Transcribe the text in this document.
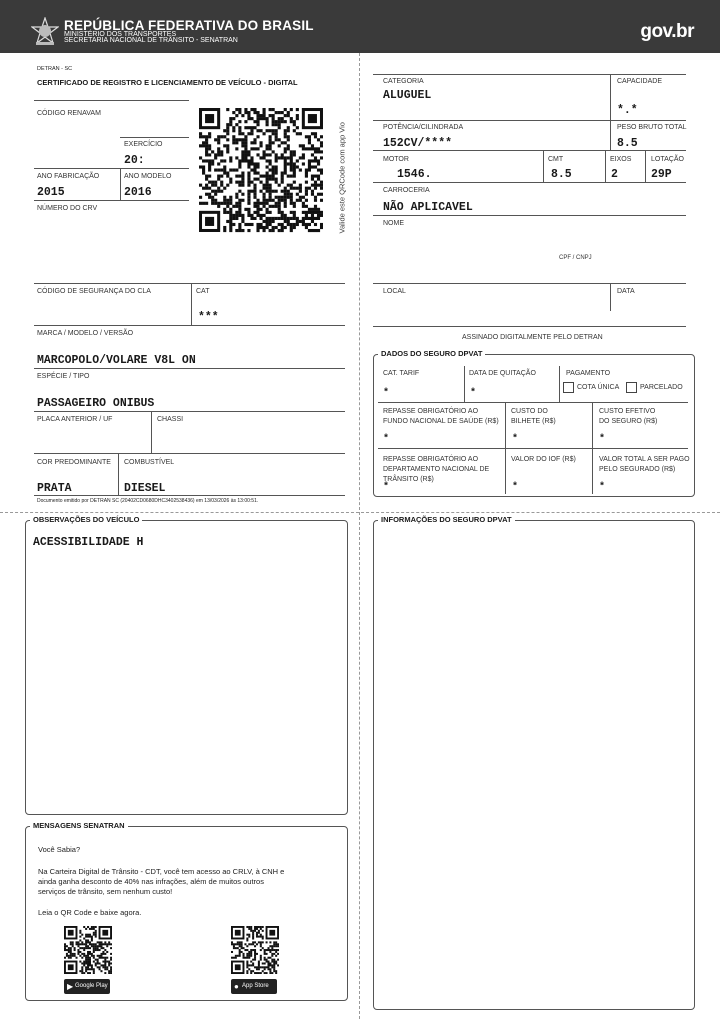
REPÚBLICA FEDERATIVA DO BRASIL
MINISTÉRIO DOS TRANSPORTES
SECRETARIA NACIONAL DE TRÂNSITO - SENATRAN	gov.br
DETRAN - SC
CERTIFICADO DE REGISTRO E LICENCIAMENTO DE VEÍCULO - DIGITAL
CÓDIGO RENAVAM
EXERCÍCIO
20:
ANO FABRICAÇÃO
2015
ANO MODELO
2016
NÚMERO DO CRV	Valide este QRCode com app Vio
CÓDIGO DE SEGURANÇA DO CLA	CAT
***
MARCA / MODELO / VERSÃO
MARCOPOLO/VOLARE V8L ON
ESPÉCIE / TIPO
PASSAGEIRO ONIBUS
PLACA ANTERIOR / UF	CHASSI
COR PREDOMINANTE
PRATA
COMBUSTÍVEL
DIESEL
Documento emitido por DETRAN SC (20402CD0680DHC3402538436) em 13/03/2026 às 13:00:51.
CATEGORIA
ALUGUEL
CAPACIDADE
*.*
POTÊNCIA/CILINDRADA
152CV/****
PESO BRUTO TOTAL
8.5
MOTOR
1546.
CMT
8.5
EIXOS
2
LOTAÇÃO
29P
CARROCERIA
NÃO APLICAVEL
NOME
CPF / CNPJ
LOCAL	DATA
ASSINADO DIGITALMENTE PELO DETRAN
DADOS DO SEGURO DPVAT
CAT. TARIF
*
DATA DE QUITAÇÃO
*
PAGAMENTO
COTA ÚNICA	PARCELADO
REPASSE OBRIGATÓRIO AO
FUNDO NACIONAL DE SAÚDE (R$)
*
CUSTO DO
BILHETE (R$)
*
CUSTO EFETIVO
DO SEGURO (R$)
*
REPASSE OBRIGATÓRIO AO
DEPARTAMENTO NACIONAL DE
TRÂNSITO (R$)
*
VALOR DO IOF (R$)
*
VALOR TOTAL A SER PAGO
PELO SEGURADO (R$)
*
OBSERVAÇÕES DO VEÍCULO
ACESSIBILIDADE H
INFORMAÇÕES DO SEGURO DPVAT
MENSAGENS SENATRAN
Você Sabia?
Na Carteira Digital de Trânsito - CDT, você tem acesso ao CRLV, à CNH e ainda ganha desconto de 40% nas infrações, além de muitos outros serviços de trânsito, sem nenhum custo!
Leia o QR Code e baixe agora.
▶ Google Play	● App Store
